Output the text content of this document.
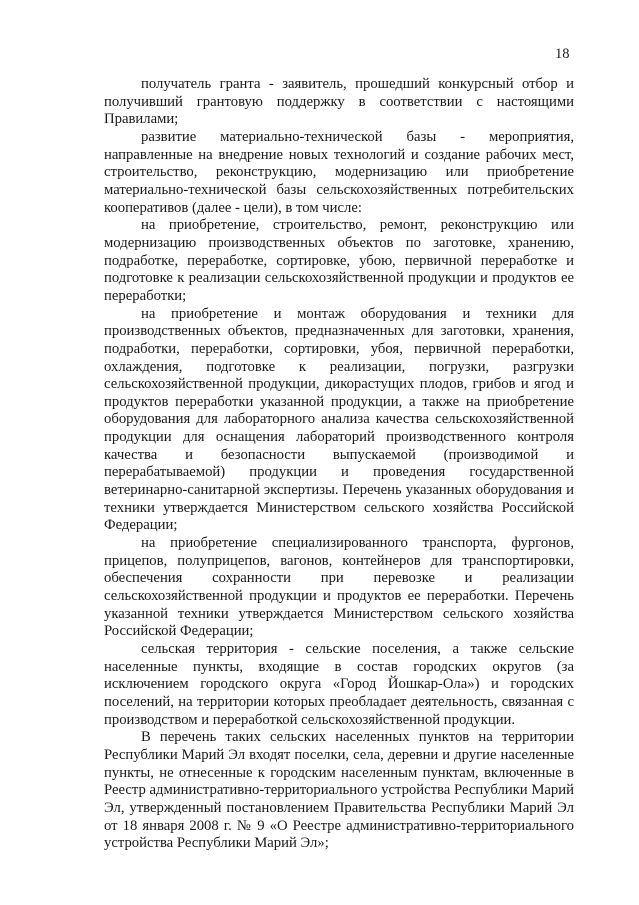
18

получатель гранта - заявитель, прошедший конкурсный отбор и получивший грантовую поддержку в соответствии с настоящими Правилами;

развитие материально-технической базы - мероприятия, направленные на внедрение новых технологий и создание рабочих мест, строительство, реконструкцию, модернизацию или приобретение материально-технической базы сельскохозяйственных потребительских кооперативов (далее - цели), в том числе:

на приобретение, строительство, ремонт, реконструкцию или модернизацию производственных объектов по заготовке, хранению, подработке, переработке, сортировке, убою, первичной переработке и подготовке к реализации сельскохозяйственной продукции и продуктов ее переработки;

на приобретение и монтаж оборудования и техники для производственных объектов, предназначенных для заготовки, хранения, подработки, переработки, сортировки, убоя, первичной переработки, охлаждения, подготовке к реализации, погрузки, разгрузки сельскохозяйственной продукции, дикорастущих плодов, грибов и ягод и продуктов переработки указанной продукции, а также на приобретение оборудования для лабораторного анализа качества сельскохозяйственной продукции для оснащения лабораторий производственного контроля качества и безопасности выпускаемой (производимой и перерабатываемой) продукции и проведения государственной ветеринарно-санитарной экспертизы. Перечень указанных оборудования и техники утверждается Министерством сельского хозяйства Российской Федерации;

на приобретение специализированного транспорта, фургонов, прицепов, полуприцепов, вагонов, контейнеров для транспортировки, обеспечения сохранности при перевозке и реализации сельскохозяйственной продукции и продуктов ее переработки. Перечень указанной техники утверждается Министерством сельского хозяйства Российской Федерации;

сельская территория - сельские поселения, а также сельские населенные пункты, входящие в состав городских округов (за исключением городского округа «Город Йошкар-Ола») и городских поселений, на территории которых преобладает деятельность, связанная с производством и переработкой сельскохозяйственной продукции.

В перечень таких сельских населенных пунктов на территории Республики Марий Эл входят поселки, села, деревни и другие населенные пункты, не отнесенные к городским населенным пунктам, включенные в Реестр административно-территориального устройства Республики Марий Эл, утвержденный постановлением Правительства Республики Марий Эл от 18 января 2008 г. № 9 «О Реестре административно-территориального устройства Республики Марий Эл»;
